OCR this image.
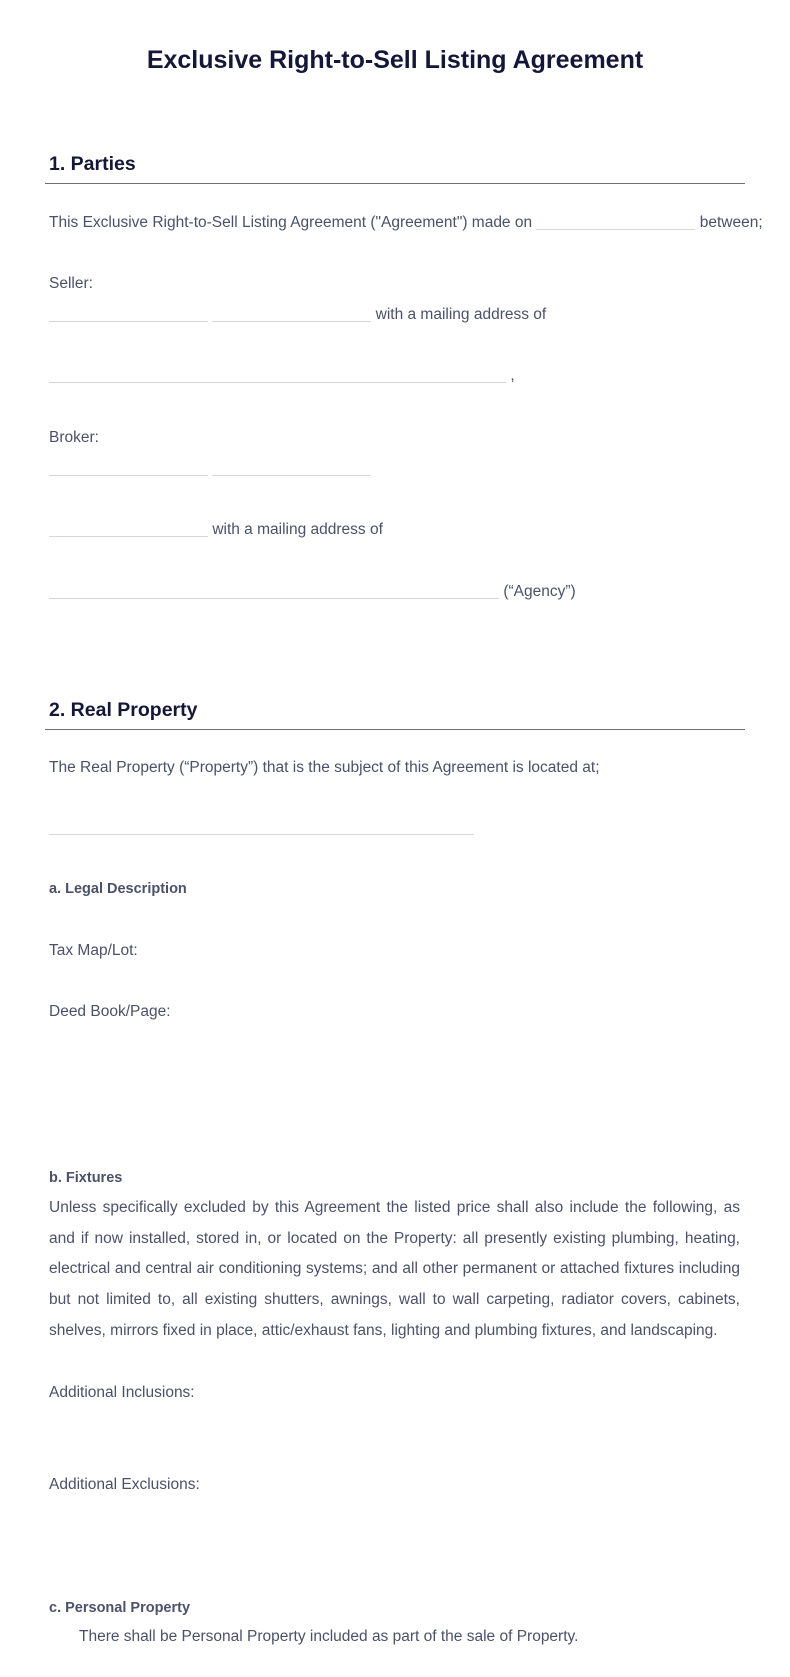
Exclusive Right-to-Sell Listing Agreement
1. Parties
This Exclusive Right-to-Sell Listing Agreement ("Agreement") made on	between;
Seller:
with a mailing address of
,
Broker:

with a mailing address of
(“Agency”)
2. Real Property
The Real Property (“Property”) that is the subject of this Agreement is located at;
a. Legal Description
Tax Map/Lot:
Deed Book/Page:
b. Fixtures

Unless specifically excluded by this Agreement the listed price shall also include the following, as and if now installed, stored in, or located on the Property: all presently existing plumbing, heating, electrical and central air conditioning systems; and all other permanent or attached fixtures including but not limited to, all existing shutters, awnings, wall to wall carpeting, radiator covers, cabinets, shelves, mirrors fixed in place, attic/exhaust fans, lighting and plumbing fixtures, and landscaping.

Additional Inclusions:
Additional Exclusions:
c. Personal Property
There shall be Personal Property included as part of the sale of Property.
